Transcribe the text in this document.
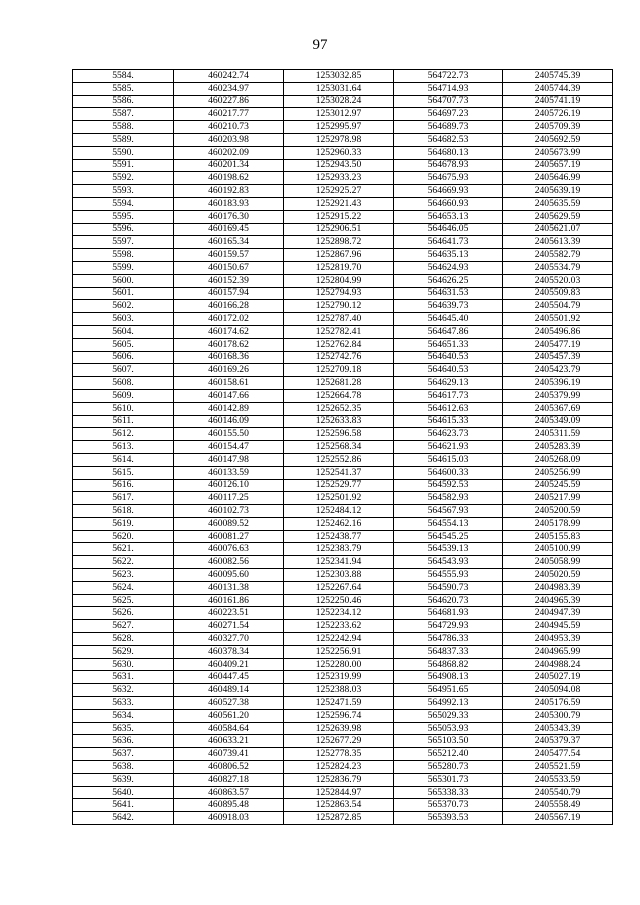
97
5584.	460242.74	1253032.85	564722.73	2405745.39
5585.	460234.97	1253031.64	564714.93	2405744.39
5586.	460227.86	1253028.24	564707.73	2405741.19
5587.	460217.77	1253012.97	564697.23	2405726.19
5588.	460210.73	1252995.97	564689.73	2405709.39
5589.	460203.98	1252978.98	564682.53	2405692.59
5590.	460202.09	1252960.33	564680.13	2405673.99
5591.	460201.34	1252943.50	564678.93	2405657.19
5592.	460198.62	1252933.23	564675.93	2405646.99
5593.	460192.83	1252925.27	564669.93	2405639.19
5594.	460183.93	1252921.43	564660.93	2405635.59
5595.	460176.30	1252915.22	564653.13	2405629.59
5596.	460169.45	1252906.51	564646.05	2405621.07
5597.	460165.34	1252898.72	564641.73	2405613.39
5598.	460159.57	1252867.96	564635.13	2405582.79
5599.	460150.67	1252819.70	564624.93	2405534.79
5600.	460152.39	1252804.99	564626.25	2405520.03
5601.	460157.94	1252794.93	564631.53	2405509.83
5602.	460166.28	1252790.12	564639.73	2405504.79
5603.	460172.02	1252787.40	564645.40	2405501.92
5604.	460174.62	1252782.41	564647.86	2405496.86
5605.	460178.62	1252762.84	564651.33	2405477.19
5606.	460168.36	1252742.76	564640.53	2405457.39
5607.	460169.26	1252709.18	564640.53	2405423.79
5608.	460158.61	1252681.28	564629.13	2405396.19
5609.	460147.66	1252664.78	564617.73	2405379.99
5610.	460142.89	1252652.35	564612.63	2405367.69
5611.	460146.09	1252633.83	564615.33	2405349.09
5612.	460155.50	1252596.58	564623.73	2405311.59
5613.	460154.47	1252568.34	564621.93	2405283.39
5614.	460147.98	1252552.86	564615.03	2405268.09
5615.	460133.59	1252541.37	564600.33	2405256.99
5616.	460126.10	1252529.77	564592.53	2405245.59
5617.	460117.25	1252501.92	564582.93	2405217.99
5618.	460102.73	1252484.12	564567.93	2405200.59
5619.	460089.52	1252462.16	564554.13	2405178.99
5620.	460081.27	1252438.77	564545.25	2405155.83
5621.	460076.63	1252383.79	564539.13	2405100.99
5622.	460082.56	1252341.94	564543.93	2405058.99
5623.	460095.60	1252303.88	564555.93	2405020.59
5624.	460131.38	1252267.64	564590.73	2404983.39
5625.	460161.86	1252250.46	564620.73	2404965.39
5626.	460223.51	1252234.12	564681.93	2404947.39
5627.	460271.54	1252233.62	564729.93	2404945.59
5628.	460327.70	1252242.94	564786.33	2404953.39
5629.	460378.34	1252256.91	564837.33	2404965.99
5630.	460409.21	1252280.00	564868.82	2404988.24
5631.	460447.45	1252319.99	564908.13	2405027.19
5632.	460489.14	1252388.03	564951.65	2405094.08
5633.	460527.38	1252471.59	564992.13	2405176.59
5634.	460561.20	1252596.74	565029.33	2405300.79
5635.	460584.64	1252639.98	565053.93	2405343.39
5636.	460633.21	1252677.29	565103.50	2405379.37
5637.	460739.41	1252778.35	565212.40	2405477.54
5638.	460806.52	1252824.23	565280.73	2405521.59
5639.	460827.18	1252836.79	565301.73	2405533.59
5640.	460863.57	1252844.97	565338.33	2405540.79
5641.	460895.48	1252863.54	565370.73	2405558.49
5642.	460918.03	1252872.85	565393.53	2405567.19
